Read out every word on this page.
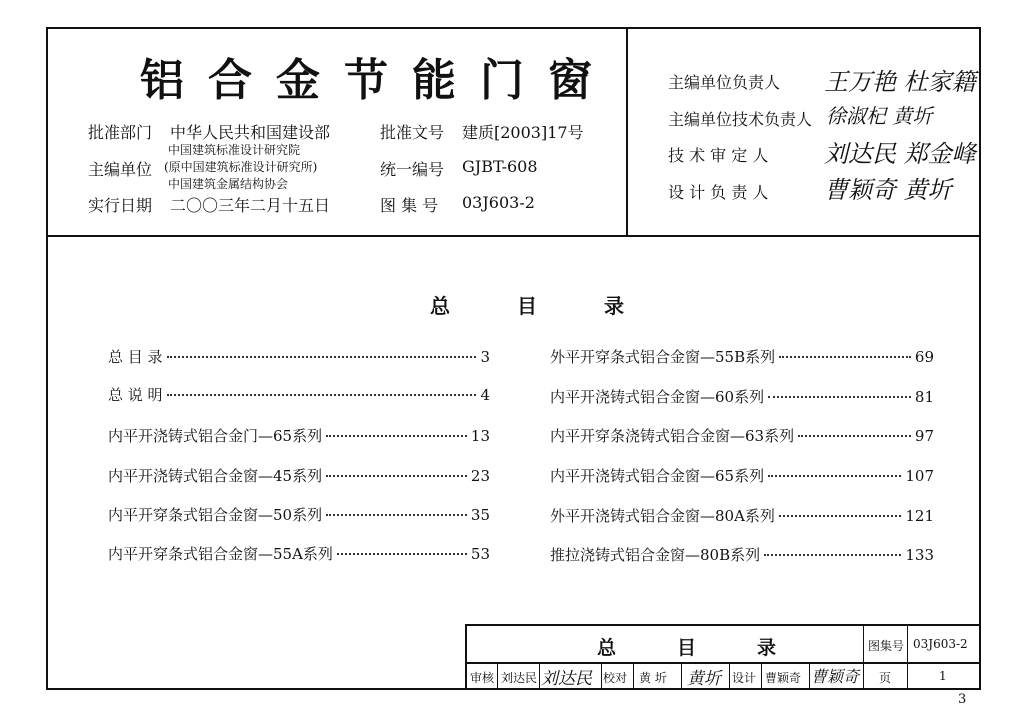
铝合金节能门窗
批准部门 中华人民共和国建设部
主编单位
中国建筑标准设计研究院
(原中国建筑标准设计研究所)
中国建筑金属结构协会
实行日期 二〇〇三年二月十五日
批准文号 建质[2003]17号
统一编号 GJBT-608
图 集 号 03J603-2
主编单位负责人 王万艳 杜家籍
主编单位技术负责人 徐淑杞 黄圻
技 术 审 定 人 刘达民 郑金峰
设 计 负 责 人 曹颖奇 黄圻
总	目	录
总 目 录	3
总 说 明	4
内平开浇铸式铝合金门—65系列	13
内平开浇铸式铝合金窗—45系列	23
内平开穿条式铝合金窗—50系列	35
内平开穿条式铝合金窗—55A系列	53
外平开穿条式铝合金窗—55B系列	69
内平开浇铸式铝合金窗—60系列	81
内平开穿条浇铸式铝合金窗—63系列	97
内平开浇铸式铝合金窗—65系列	107
外平开浇铸式铝合金窗—80A系列	121
推拉浇铸式铝合金窗—80B系列	133
总	目	录	图集号 03J603-2
审核 刘达民 刘达民 校对 黄 圻 黄圻 设计 曹颖奇 曹颖奇 页	1
3
